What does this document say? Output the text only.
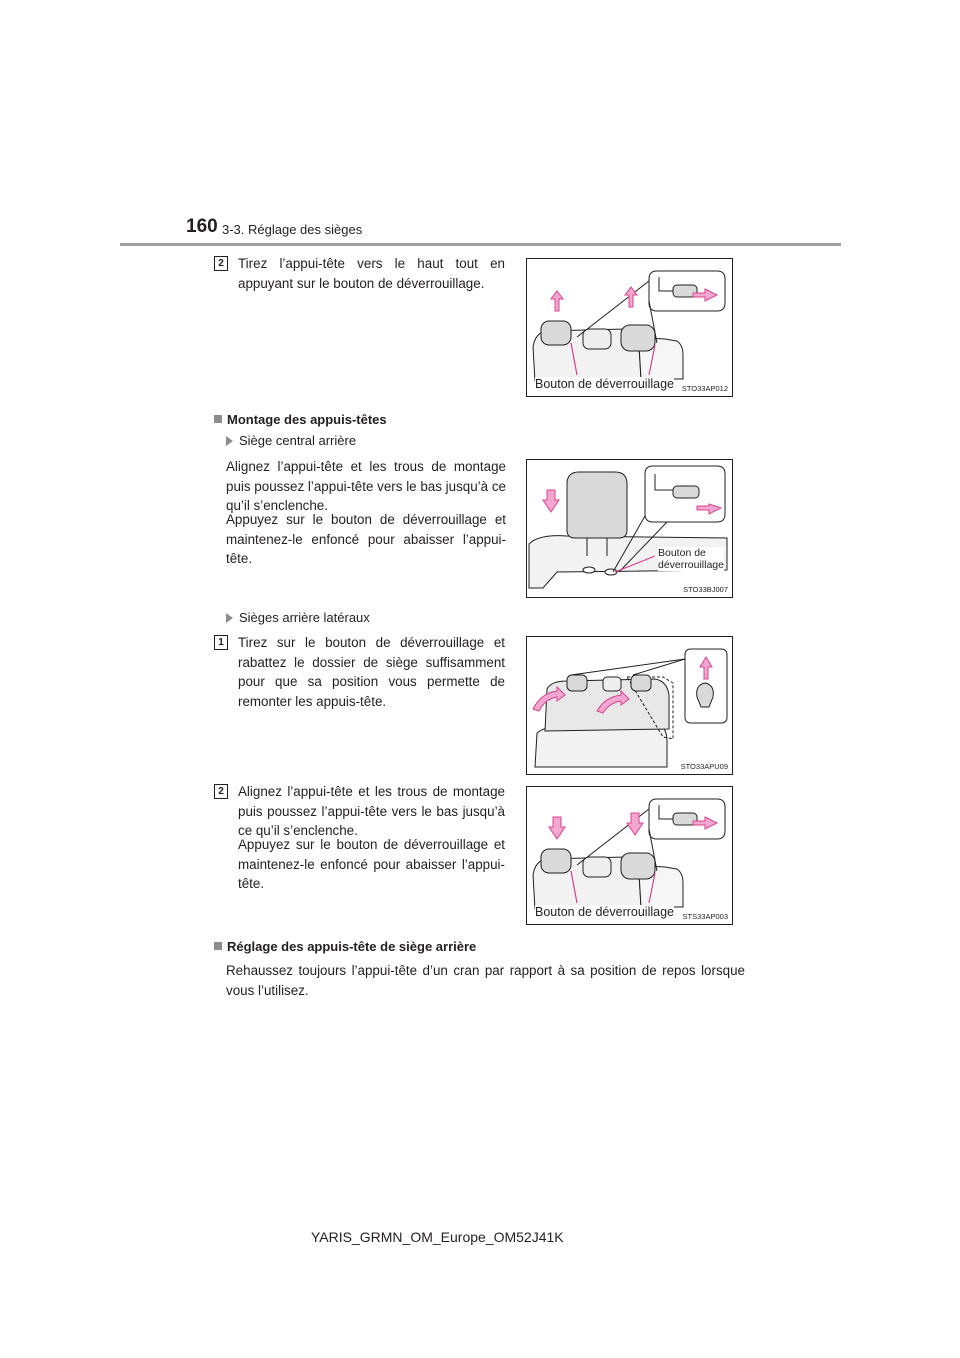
160 3-3. Réglage des sièges
2	Tirez l’appui-tête vers le haut tout en appuyant sur le bouton de déverrouillage.
Bouton de déverrouillage STO33AP012
Montage des appuis-têtes
Siège central arrière
Alignez l’appui-tête et les trous de montage puis poussez l’appui-tête vers le bas jusqu’à ce qu’il s’enclenche.
Appuyez sur le bouton de déverrouillage et maintenez-le enfoncé pour abaisser l’appui-tête.	Bouton de
déverrouillage
STO33BJ007
Sièges arrière latéraux
1	Tirez sur le bouton de déverrouillage et rabattez le dossier de siège suffisamment pour que sa position vous permette de remonter les appuis-tête.
STO33APU09
2	Alignez l’appui-tête et les trous de montage puis poussez l’appui-tête vers le bas jusqu’à ce qu’il s’enclenche.
Appuyez sur le bouton de déverrouillage et maintenez-le enfoncé pour abaisser l’appui-tête.
Bouton de déverrouillage STS33AP003
Réglage des appuis-tête de siège arrière
Rehaussez toujours l’appui-tête d’un cran par rapport à sa position de repos lorsque vous l’utilisez.
YARIS_GRMN_OM_Europe_OM52J41K
